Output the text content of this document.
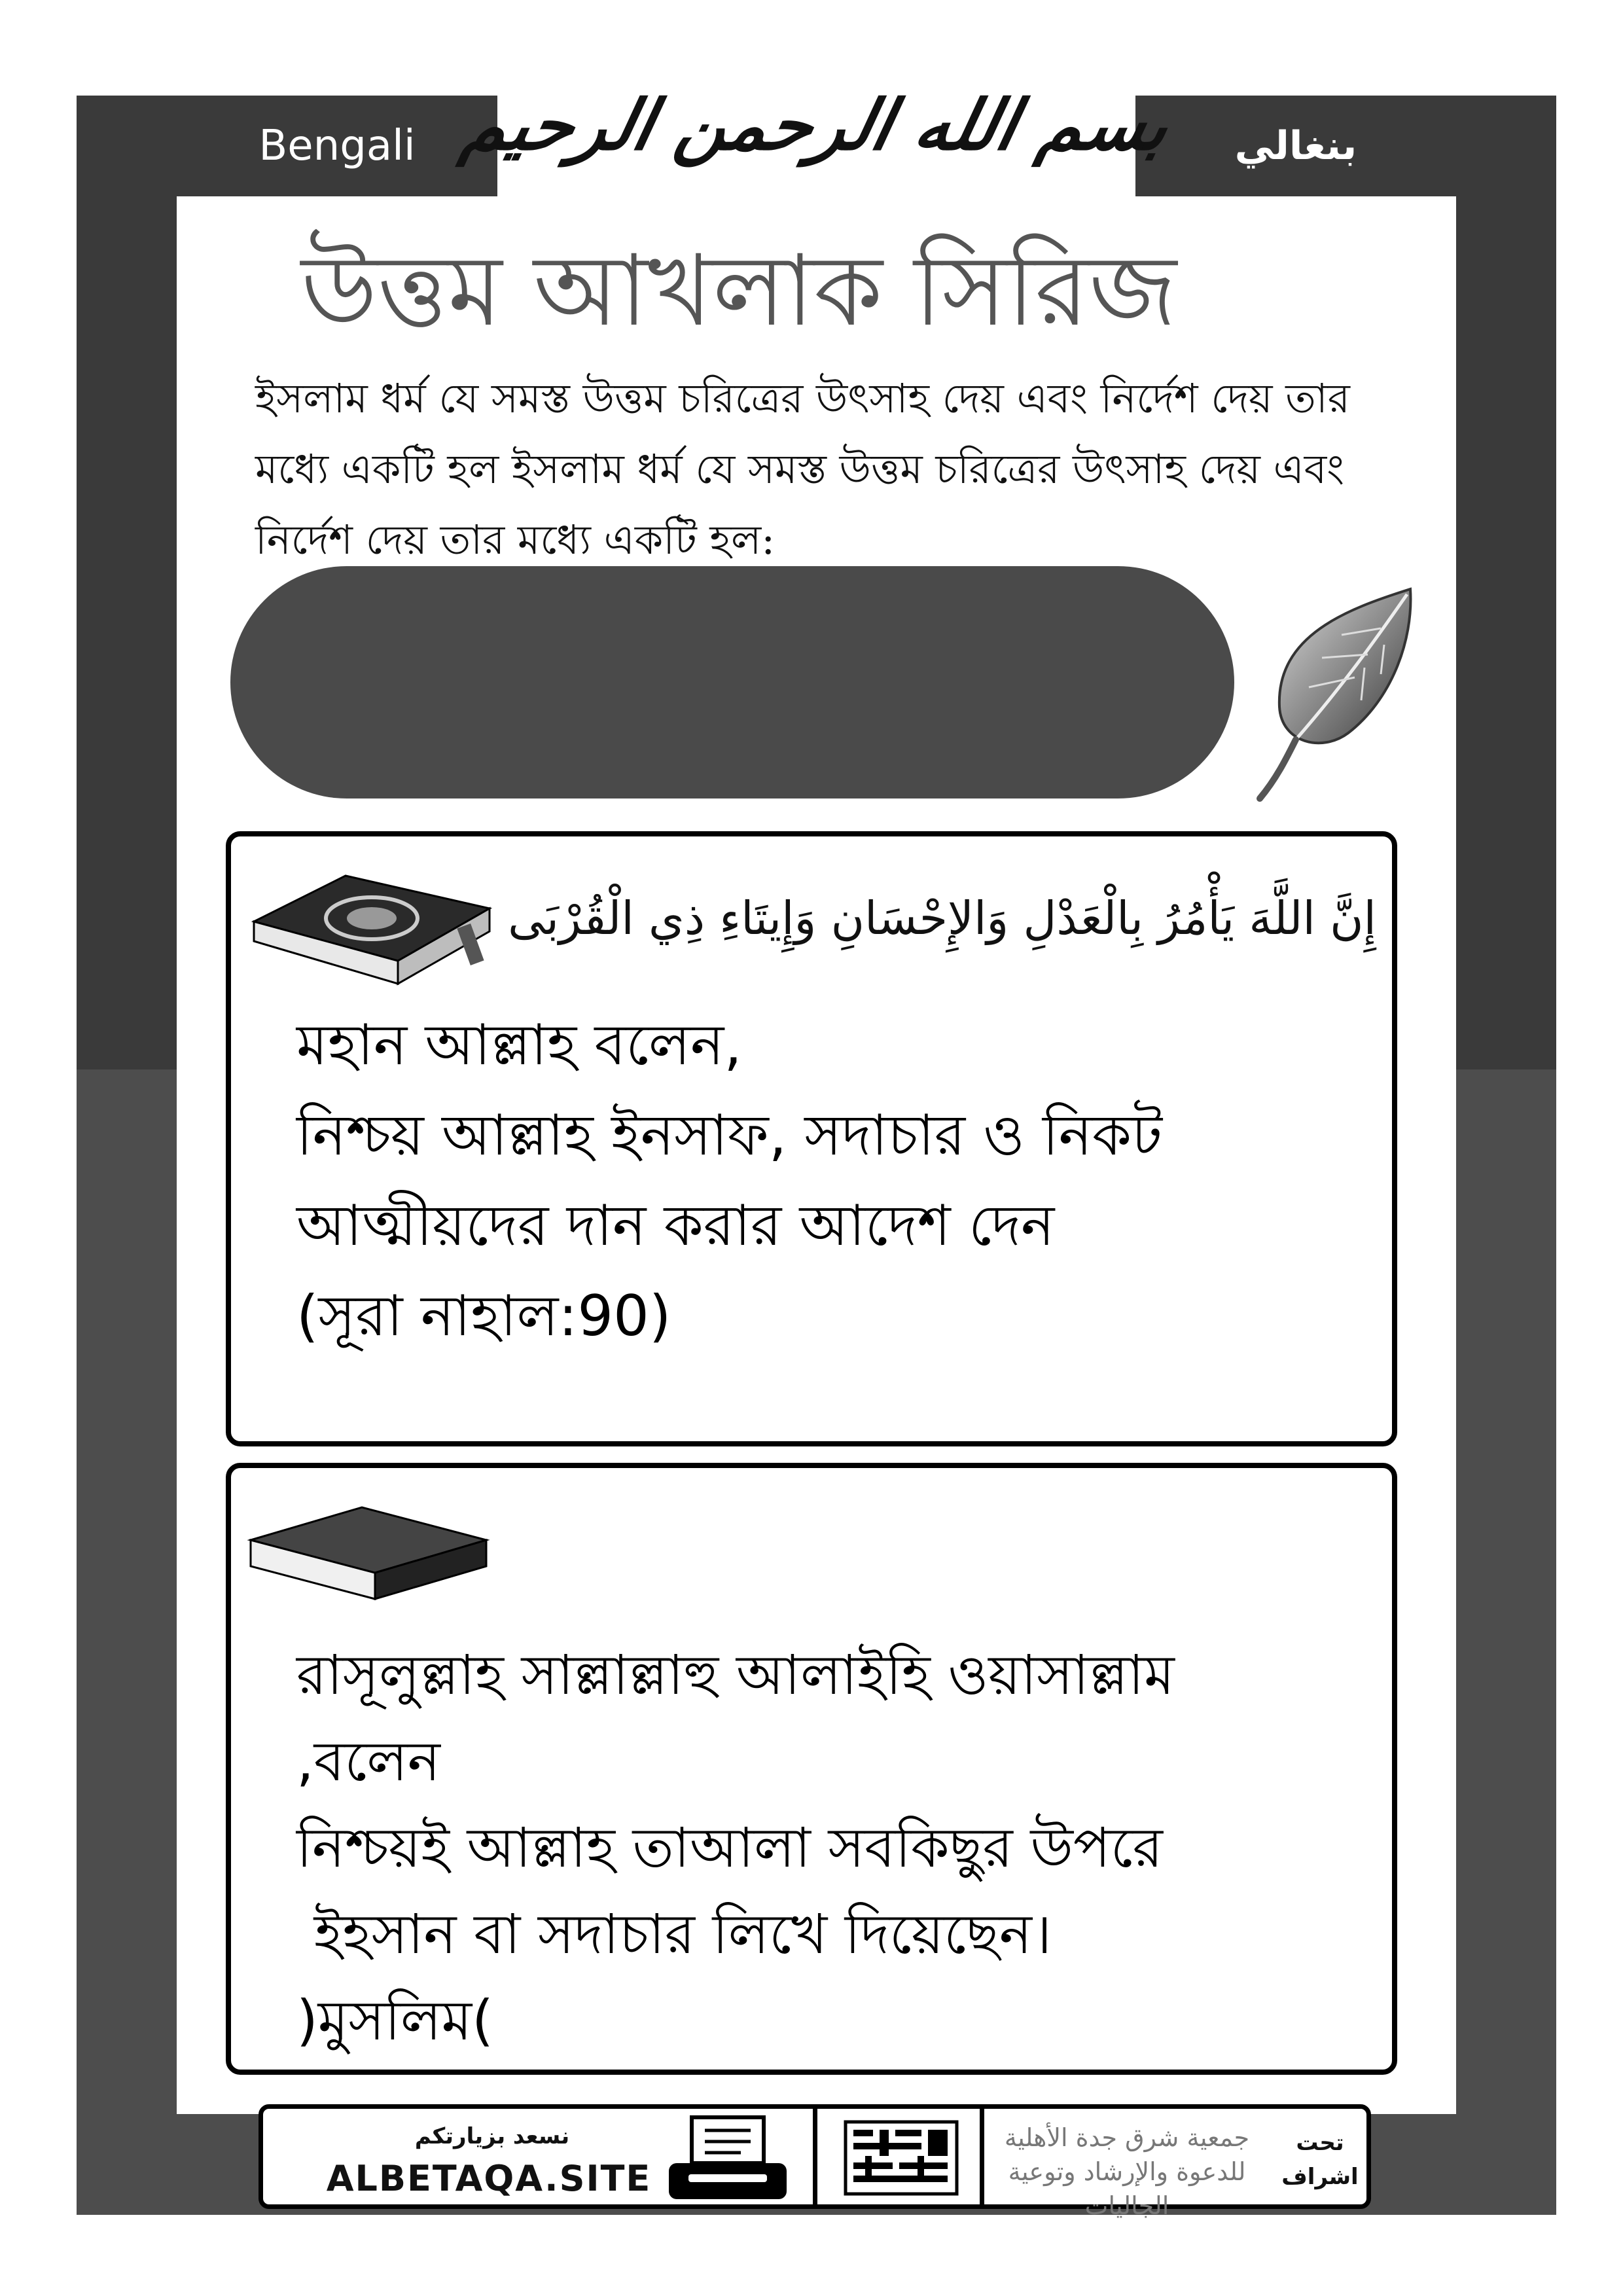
Bengali	بنغالي
بسم الله الرحمن الرحيم
উত্তম আখলাক সিরিজ

ইসলাম ধর্ম যে সমস্ত উত্তম চরিত্রের উৎসাহ দেয় এবং নির্দেশ দেয় তার মধ্যে একটি হল ইসলাম ধর্ম যে সমস্ত উত্তম চরিত্রের উৎসাহ দেয় এবং নির্দেশ দেয় তার মধ্যে একটি হল:

إِنَّ اللَّهَ يَأْمُرُ بِالْعَدْلِ وَالإِحْسَانِ وَإِيتَاءِ ذِي الْقُرْبَى
মহান আল্লাহ বলেন,
নিশ্চয় আল্লাহ ইনসাফ, সদাচার ও নিকট
আত্মীয়দের দান করার আদেশ দেন
(সূরা নাহাল:90)
রাসূলুল্লাহ সাল্লাল্লাহু আলাইহি ওয়াসাল্লাম
,বলেন
নিশ্চয়ই আল্লাহ তাআলা সবকিছুর উপরে
ইহসান বা সদাচার লিখে দিয়েছেন।
)মুসলিম(
نسعد بزيارتكم
ALBETAQA.SITE
جمعية شرق جدة الأهلية
للدعوة والإرشاد وتوعية الجاليات
تحت
اشراف
